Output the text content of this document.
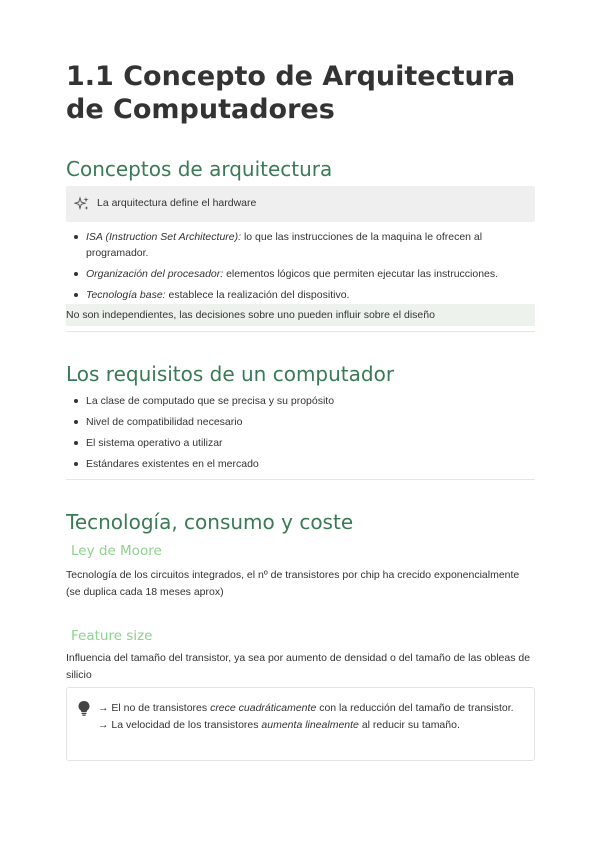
1.1 Concepto de Arquitectura de Computadores
Conceptos de arquitectura
La arquitectura define el hardware
ISA (Instruction Set Architecture): lo que las instrucciones de la maquina le ofrecen al programador.
Organización del procesador: elementos lógicos que permiten ejecutar las instrucciones.
Tecnología base: establece la realización del dispositivo.
No son independientes, las decisiones sobre uno pueden influir sobre el diseño
Los requisitos de un computador
La clase de computado que se precisa y su propósito
Nivel de compatibilidad necesario
El sistema operativo a utilizar
Estándares existentes en el mercado
Tecnología, consumo y coste
Ley de Moore
Tecnología de los circuitos integrados, el nº de transistores por chip ha crecido exponencialmente (se duplica cada 18 meses aprox)
Feature size
Influencia del tamaño del transistor, ya sea por aumento de densidad o del tamaño de las obleas de silicio
→ El no de transistores crece cuadráticamente con la reducción del tamaño de transistor.
→ La velocidad de los transistores aumenta linealmente al reducir su tamaño.
